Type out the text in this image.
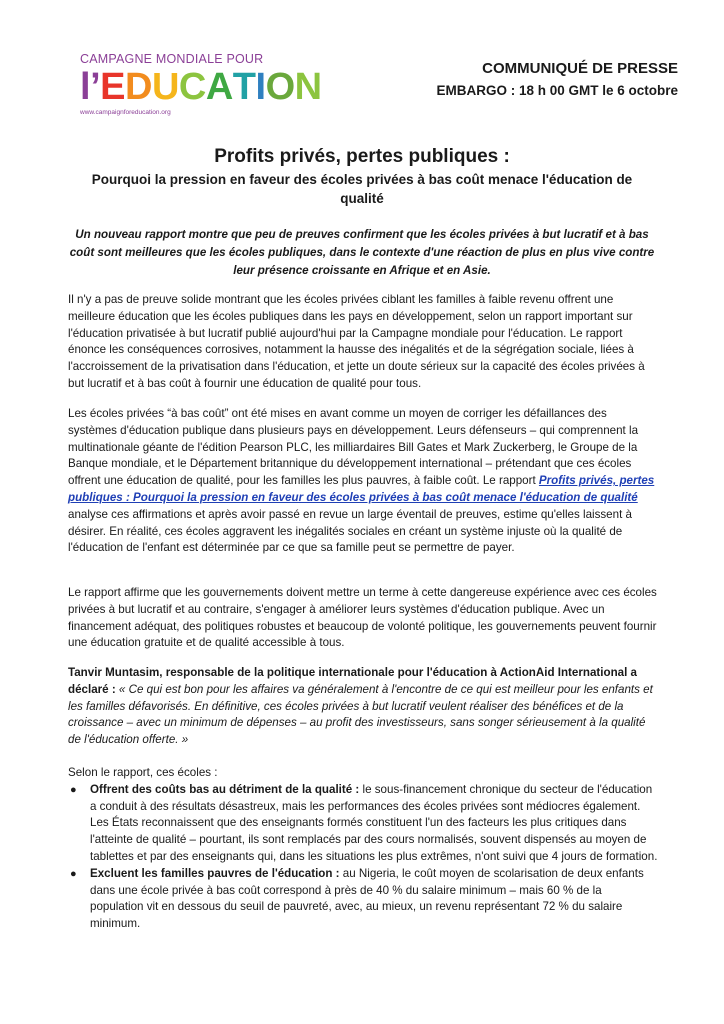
CAMPAGNE MONDIALE POUR
l’EDUCATION
www.campaignforeducation.org
COMMUNIQUÉ DE PRESSE
EMBARGO : 18 h 00 GMT le 6 octobre
Profits privés, pertes publiques :
Pourquoi la pression en faveur des écoles privées à bas coût menace l'éducation de qualité
Un nouveau rapport montre que peu de preuves confirment que les écoles privées à but lucratif et à bas coût sont meilleures que les écoles publiques, dans le contexte d'une réaction de plus en plus vive contre leur présence croissante en Afrique et en Asie.
Il n'y a pas de preuve solide montrant que les écoles privées ciblant les familles à faible revenu offrent une meilleure éducation que les écoles publiques dans les pays en développement, selon un rapport important sur l'éducation privatisée à but lucratif publié aujourd'hui par la Campagne mondiale pour l'éducation. Le rapport énonce les conséquences corrosives, notamment la hausse des inégalités et de la ségrégation sociale, liées à l'accroissement de la privatisation dans l'éducation, et jette un doute sérieux sur la capacité des écoles privées à but lucratif et à bas coût à fournir une éducation de qualité pour tous.
Les écoles privées “à bas coût” ont été mises en avant comme un moyen de corriger les défaillances des systèmes d'éducation publique dans plusieurs pays en développement. Leurs défenseurs – qui comprennent la multinationale géante de l'édition Pearson PLC, les milliardaires Bill Gates et Mark Zuckerberg, le Groupe de la Banque mondiale, et le Département britannique du développement international – prétendant que ces écoles offrent une éducation de qualité, pour les familles les plus pauvres, à faible coût. Le rapport Profits privés, pertes publiques : Pourquoi la pression en faveur des écoles privées à bas coût menace l'éducation de qualité analyse ces affirmations et après avoir passé en revue un large éventail de preuves, estime qu'elles laissent à désirer. En réalité, ces écoles aggravent les inégalités sociales en créant un système injuste où la qualité de l'éducation de l'enfant est déterminée par ce que sa famille peut se permettre de payer.
Le rapport affirme que les gouvernements doivent mettre un terme à cette dangereuse expérience avec ces écoles privées à but lucratif et au contraire, s'engager à améliorer leurs systèmes d'éducation publique. Avec un financement adéquat, des politiques robustes et beaucoup de volonté politique, les gouvernements peuvent fournir une éducation gratuite et de qualité accessible à tous.
Tanvir Muntasim, responsable de la politique internationale pour l'éducation à ActionAid International a déclaré : « Ce qui est bon pour les affaires va généralement à l'encontre de ce qui est meilleur pour les enfants et les familles défavorisés. En définitive, ces écoles privées à but lucratif veulent réaliser des bénéfices et de la croissance – avec un minimum de dépenses – au profit des investisseurs, sans songer sérieusement à la qualité de l'éducation offerte. »
Selon le rapport, ces écoles :
● Offrent des coûts bas au détriment de la qualité : le sous-financement chronique du secteur de l'éducation a conduit à des résultats désastreux, mais les performances des écoles privées sont médiocres également. Les États reconnaissent que des enseignants formés constituent l'un des facteurs les plus critiques dans l'atteinte de qualité – pourtant, ils sont remplacés par des cours normalisés, souvent dispensés au moyen de tablettes et par des enseignants qui, dans les situations les plus extrêmes, n'ont suivi que 4 jours de formation.
● Excluent les familles pauvres de l'éducation : au Nigeria, le coût moyen de scolarisation de deux enfants dans une école privée à bas coût correspond à près de 40 % du salaire minimum – mais 60 % de la population vit en dessous du seuil de pauvreté, avec, au mieux, un revenu représentant 72 % du salaire minimum.
